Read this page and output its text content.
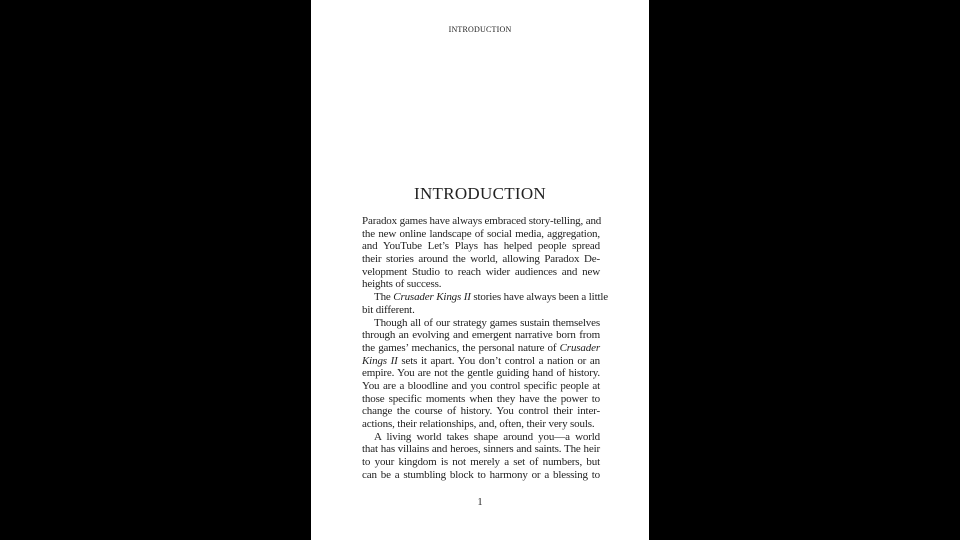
INTRODUCTION
INTRODUCTION
Paradox games have always embraced story-telling, and
the new online landscape of social media, aggregation,
and YouTube Let’s Plays has helped people spread
their stories around the world, allowing Paradox De-
velopment Studio to reach wider audiences and new
heights of success.
The Crusader Kings II stories have always been a little
bit different.
Though all of our strategy games sustain themselves
through an evolving and emergent narrative born from
the games’ mechanics, the personal nature of Crusader
Kings II sets it apart. You don’t control a nation or an
empire. You are not the gentle guiding hand of history.
You are a bloodline and you control specific people at
those specific moments when they have the power to
change the course of history. You control their inter-
actions, their relationships, and, often, their very souls.
A living world takes shape around you—a world
that has villains and heroes, sinners and saints. The heir
to your kingdom is not merely a set of numbers, but
can be a stumbling block to harmony or a blessing to
1
